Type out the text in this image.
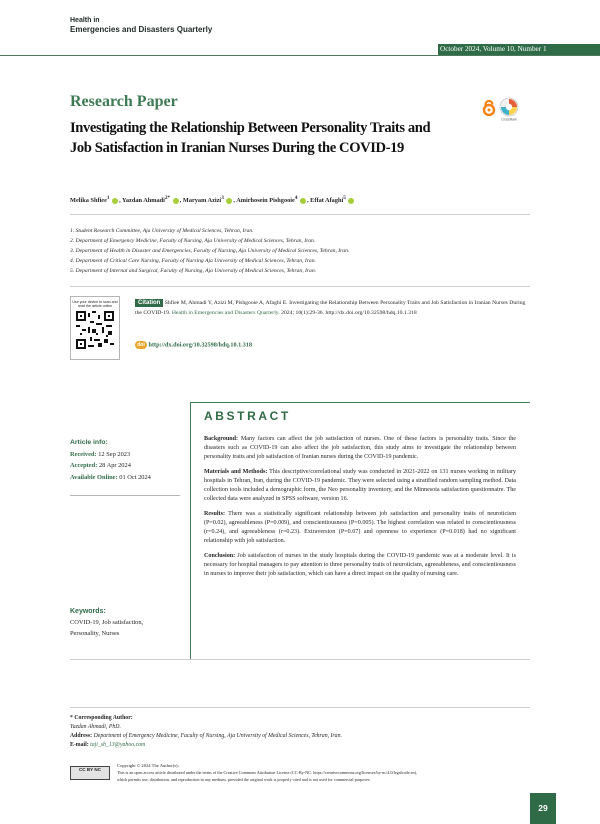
Health in
Emergencies and Disasters Quarterly
October 2024, Volume 10, Number 1
Research Paper
Investigating the Relationship Between Personality Traits and
Job Satisfaction in Iranian Nurses During the COVID-19
CrossMark
Melika Shfiee$^1$ , Yazdan Ahmadi$^{2*}$ , Maryam Azizi$^3$ , Amirhosein Pishgooie$^4$ , Effat Afaghi$^5$
1. Student Research Committee, Aja University of Medical Sciences, Tehran, Iran.
2. Department of Emergency Medicine, Faculty of Nursing, Aja University of Medical Sciences, Tehran, Iran.
3. Department of Health in Disaster and Emergencies, Faculty of Nursing, Aja University of Medical Sciences, Tehran, Iran.
4. Department of Critical Care Nursing, Faculty of Nursing Aja University of Medical Sciences, Tehran, Iran.
5. Department of Internal and Surgical, Faculty of Nursing, Aja University of Medical Sciences, Tehran, Iran.
Use your device to scan and read the article online	Citation Shfiee M, Ahmadi Y, Azizi M, Pishgooie A, Afaghi E. Investigating the Relationship Between Personality Traits and Job Satisfaction in Iranian Nurses During the COVID-19. Health in Emergencies and Disasters Quarterly. 2024; 10(1):29-36. http://dx.doi.org/10.32598/hdq.10.1.318
doi http://dx.doi.org/10.32598/hdq.10.1.318
ABSTRACT
Article info:
Received: 12 Sep 2023
Accepted: 28 Apr 2024
Available Online: 01 Oct 2024
Keywords:
COVID-19, Job satisfaction,
Personality, Nurses

Background: Many factors can affect the job satisfaction of nurses. One of these factors is personality traits. Since the disasters such as COVID-19 can also affect the job satisfaction, this study aims to investigate the relationship between personality traits and job satisfaction of Iranian nurses during the COVID-19 pandemic.

Materials and Methods: This descriptive/correlational study was conducted in 2021-2022 on 131 nurses working in military hospitals in Tehran, Iran, during the COVID-19 pandemic. They were selected using a stratified random sampling method. Data collection tools included a demographic form, the Neo personality inventory, and the Minnesota satisfaction questionnaire. The collected data were analyzed in SPSS software, version 16.

Results: There was a statistically significant relationship between job satisfaction and personality traits of neuroticism (P=0.02), agreeableness (P=0.009), and conscientiousness (P=0.005). The highest correlation was related to conscientiousness (r=0.24), and agreeableness (r=0.23). Extraversion (P=0.07) and openness to experience (P=0.018) had no significant relationship with job satisfaction.

Conclusion: Job satisfaction of nurses in the study hospitals during the COVID-19 pandemic was at a moderate level. It is necessary for hospital managers to pay attention to three personality traits of neuroticism, agreeableness, and conscientiousness in nurses to improve their job satisfaction, which can have a direct impact on the quality of nursing care.

* Corresponding Author:
Yazdan Ahmadi, PhD.
Address: Department of Emergency Medicine, Faculty of Nursing, Aja University of Medical Sciences, Tehran, Iran.
E-mail: taji_sh_13@yahoo.com
CC BY NC
Copyright © 2024 The Author(s);
This is an open access article distributed under the terms of the Creative Commons Attribution License (CC-By-NC: https://creativecommons.org/licenses/by-nc/4.0/legalcode.en),
which permits use, distribution, and reproduction in any medium, provided the original work is properly cited and is not used for commercial purposes.
29
